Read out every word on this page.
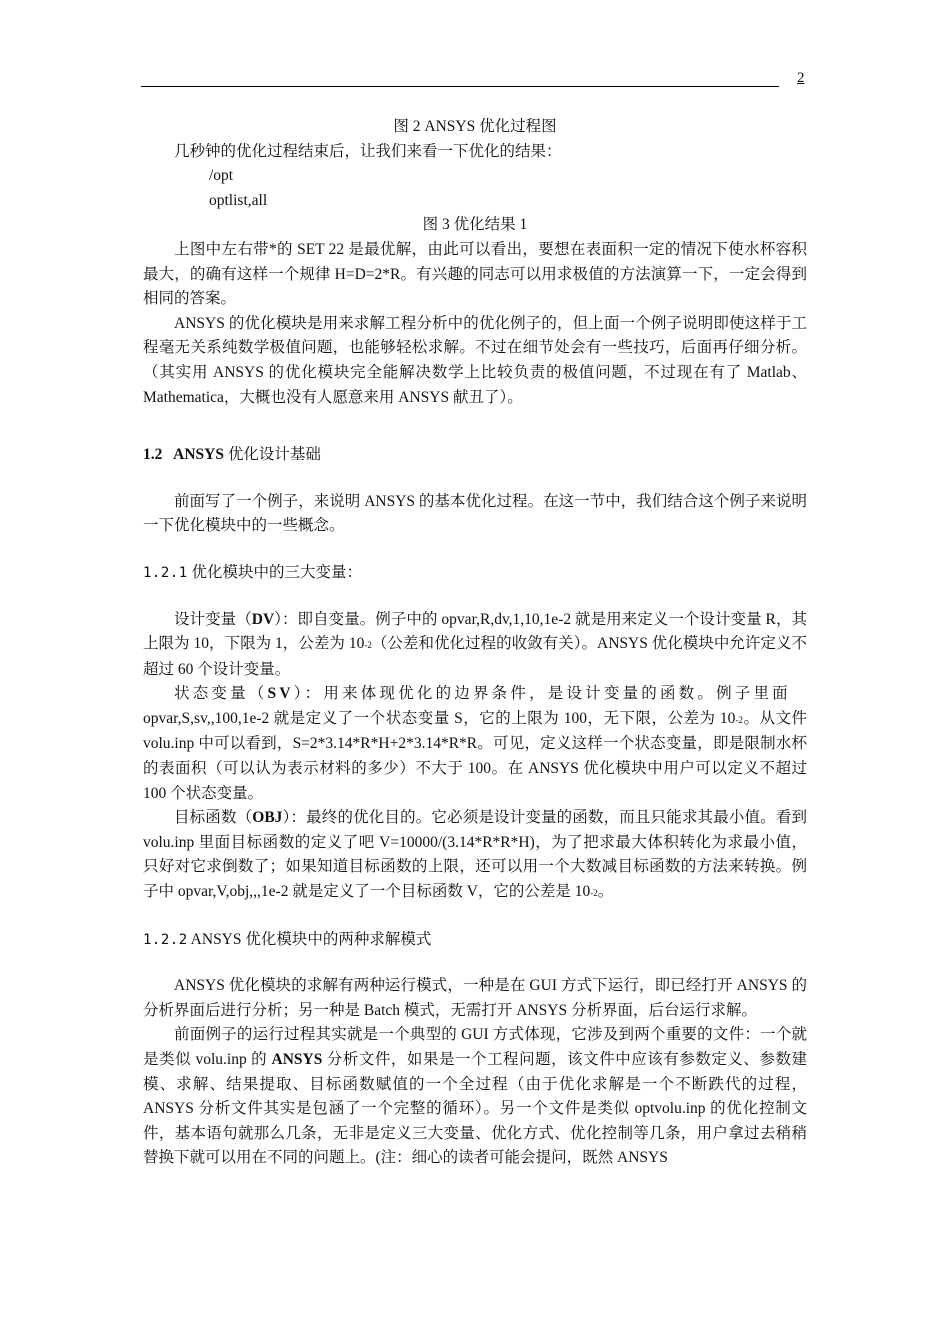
2

图 2 ANSYS 优化过程图

几秒钟的优化过程结束后，让我们来看一下优化的结果：

/opt

optlist,all

图 3 优化结果 1

上图中左右带*的 SET 22 是最优解，由此可以看出，要想在表面积一定的情况下使水杯容积最大，的确有这样一个规律 H=D=2*R。有兴趣的同志可以用求极值的方法演算一下，一定会得到相同的答案。

ANSYS 的优化模块是用来求解工程分析中的优化例子的，但上面一个例子说明即使这样于工程毫无关系纯数学极值问题，也能够轻松求解。不过在细节处会有一些技巧，后面再仔细分析。（其实用 ANSYS 的优化模块完全能解决数学上比较负责的极值问题，不过现在有了 Matlab、Mathematica，大概也没有人愿意来用 ANSYS 献丑了）。

1.2 ANSYS 优化设计基础

前面写了一个例子，来说明 ANSYS 的基本优化过程。在这一节中，我们结合这个例子来说明一下优化模块中的一些概念。

1.2.1 优化模块中的三大变量：

设计变量（DV）：即自变量。例子中的 opvar,R,dv,1,10,1e-2 就是用来定义一个设计变量 R，其上限为 10，下限为 1，公差为 10-2（公差和优化过程的收敛有关）。ANSYS 优化模块中允许定义不超过 60 个设计变量。

状态变量（SV）：用来体现优化的边界条件，是设计变量的函数。例子里面
opvar,S,sv,,100,1e-2 就是定义了一个状态变量 S，它的上限为 100，无下限，公差为 10-2。从文件 volu.inp 中可以看到，S=2*3.14*R*H+2*3.14*R*R。可见，定义这样一个状态变量，即是限制水杯的表面积（可以认为表示材料的多少）不大于 100。在 ANSYS 优化模块中用户可以定义不超过 100 个状态变量。

目标函数（OBJ）：最终的优化目的。它必须是设计变量的函数，而且只能求其最小值。看到 volu.inp 里面目标函数的定义了吧 V=10000/(3.14*R*R*H)，为了把求最大体积转化为求最小值，只好对它求倒数了；如果知道目标函数的上限，还可以用一个大数减目标函数的方法来转换。例子中 opvar,V,obj,,,1e-2 就是定义了一个目标函数 V，它的公差是 10-2。

1.2.2 ANSYS 优化模块中的两种求解模式

ANSYS 优化模块的求解有两种运行模式，一种是在 GUI 方式下运行，即已经打开 ANSYS 的分析界面后进行分析；另一种是 Batch 模式，无需打开 ANSYS 分析界面，后台运行求解。

前面例子的运行过程其实就是一个典型的 GUI 方式体现，它涉及到两个重要的文件：一个就是类似 volu.inp 的 ANSYS 分析文件，如果是一个工程问题，该文件中应该有参数定义、参数建模、求解、结果提取、目标函数赋值的一个全过程（由于优化求解是一个不断跌代的过程，ANSYS 分析文件其实是包涵了一个完整的循环）。另一个文件是类似 optvolu.inp 的优化控制文件，基本语句就那么几条，无非是定义三大变量、优化方式、优化控制等几条，用户拿过去稍稍替换下就可以用在不同的问题上。(注：细心的读者可能会提问，既然 ANSYS
